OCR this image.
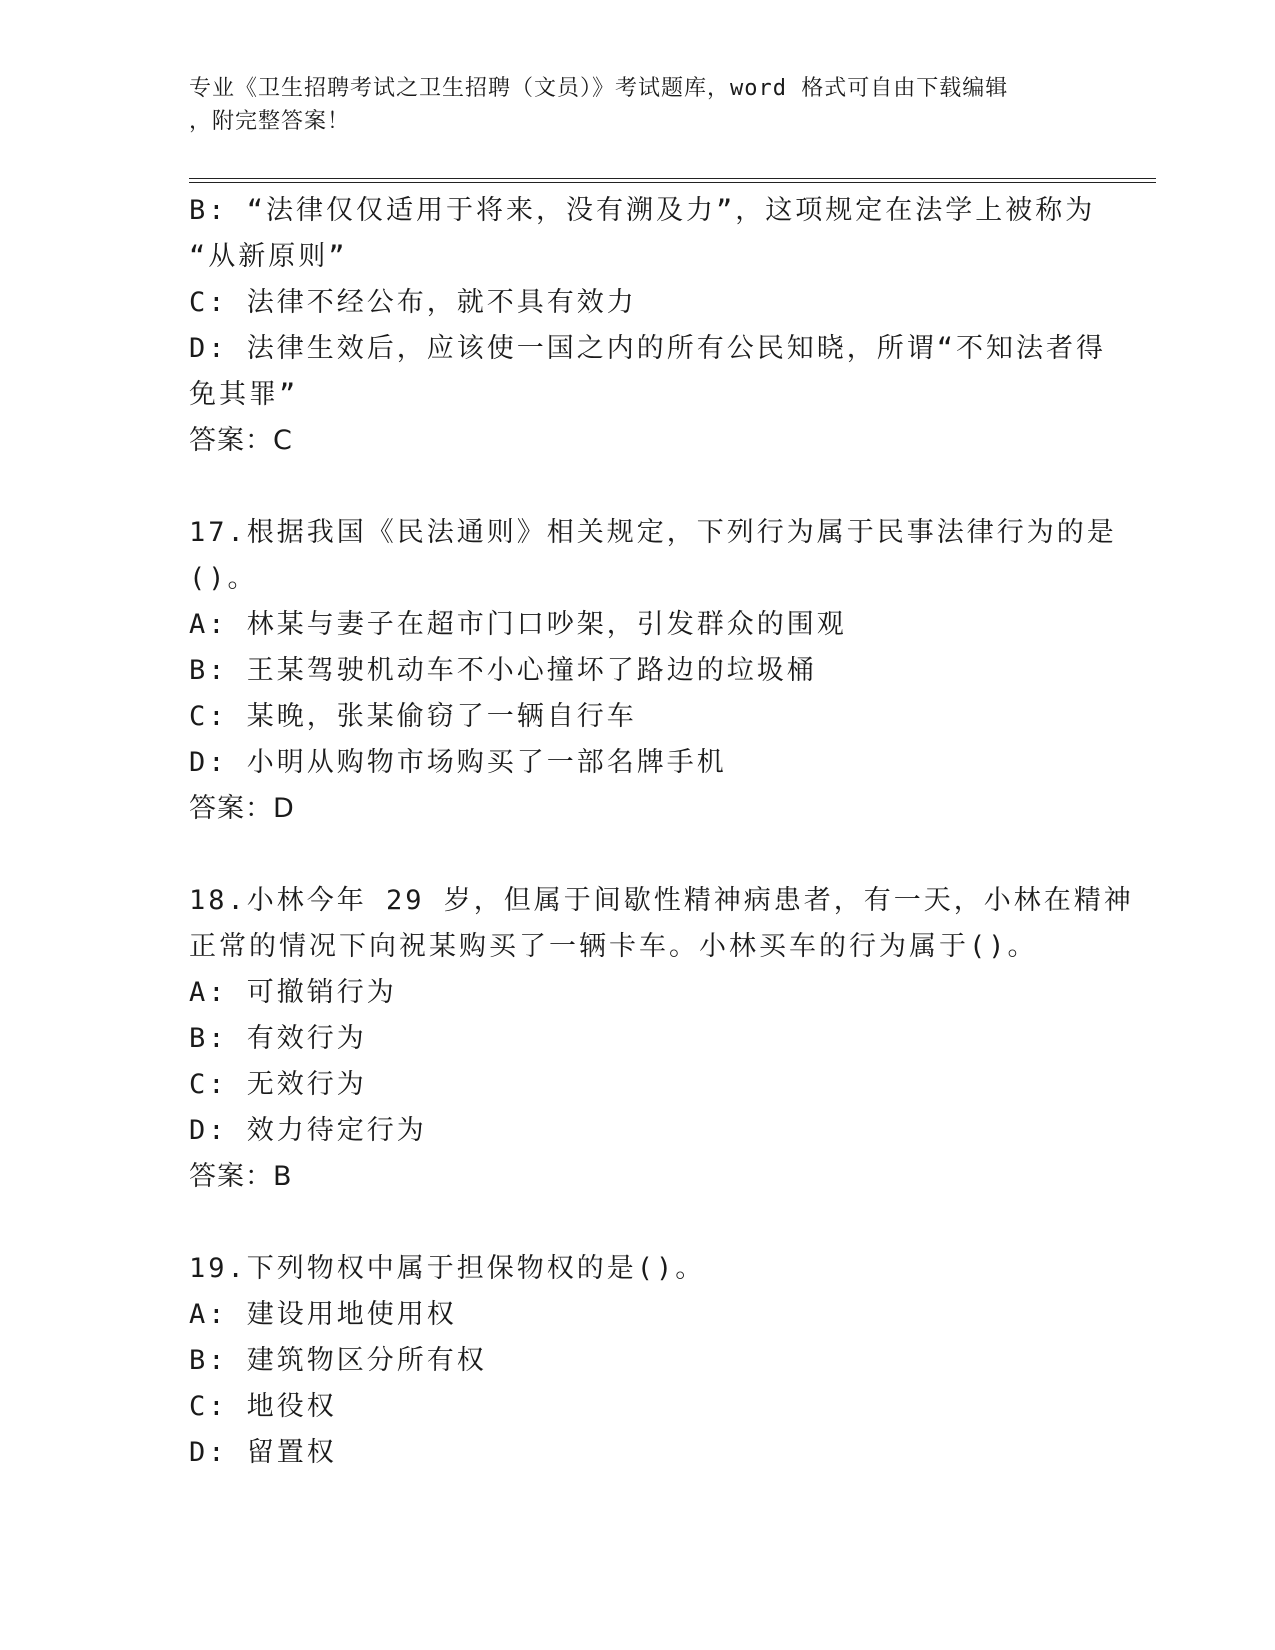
专业《卫生招聘考试之卫生招聘（文员）》考试题库，word 格式可自由下载编辑
，附完整答案！
B: “法律仅仅适用于将来，没有溯及力”，这项规定在法学上被称为
“从新原则”
C: 法律不经公布，就不具有效力
D: 法律生效后，应该使一国之内的所有公民知晓，所谓“不知法者得
免其罪”
答案：C
17.根据我国《民法通则》相关规定，下列行为属于民事法律行为的是
()。
A: 林某与妻子在超市门口吵架，引发群众的围观
B: 王某驾驶机动车不小心撞坏了路边的垃圾桶
C: 某晚，张某偷窃了一辆自行车
D: 小明从购物市场购买了一部名牌手机
答案：D
18.小林今年 29 岁，但属于间歇性精神病患者，有一天，小林在精神
正常的情况下向祝某购买了一辆卡车。小林买车的行为属于()。
A: 可撤销行为
B: 有效行为
C: 无效行为
D: 效力待定行为
答案：B
19.下列物权中属于担保物权的是()。
A: 建设用地使用权
B: 建筑物区分所有权
C: 地役权
D: 留置权
